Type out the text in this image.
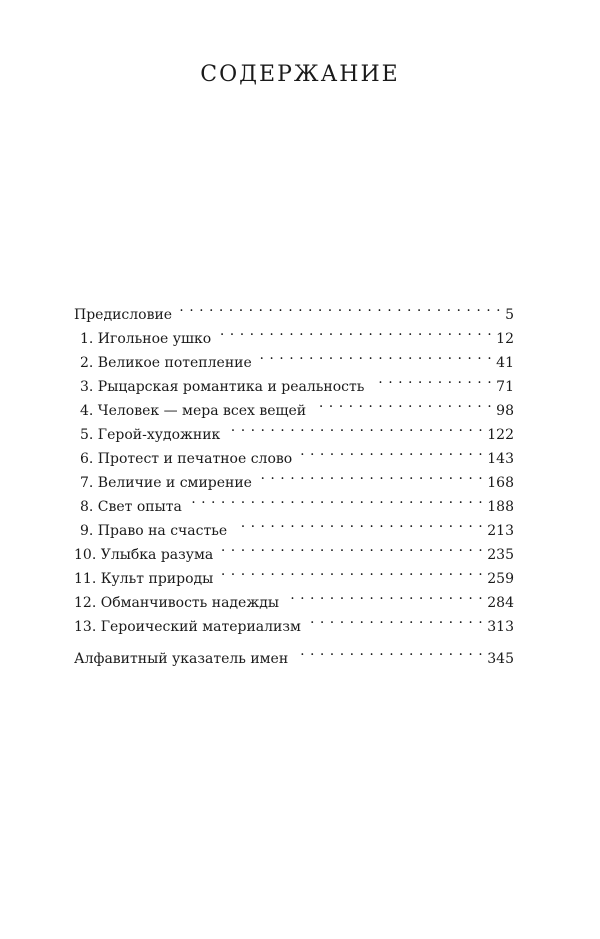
СОДЕРЖАНИЕ
Предисловие . . .	5
1. Игольное ушко . . .	12
2. Великое потепление . . .	41
3. Рыцарская романтика и реальность . . .	71
4. Человек — мера всех вещей . . .	98
5. Герой-художник . . .	122
6. Протест и печатное слово . . .	143
7. Величие и смирение . . .	168
8. Свет опыта . . .	188
9. Право на счастье . . .	213
10. Улыбка разума . . .	235
11. Культ природы . . .	259
12. Обманчивость надежды . . .	284
13. Героический материализм . . .	313
Алфавитный указатель имен . . .	345
